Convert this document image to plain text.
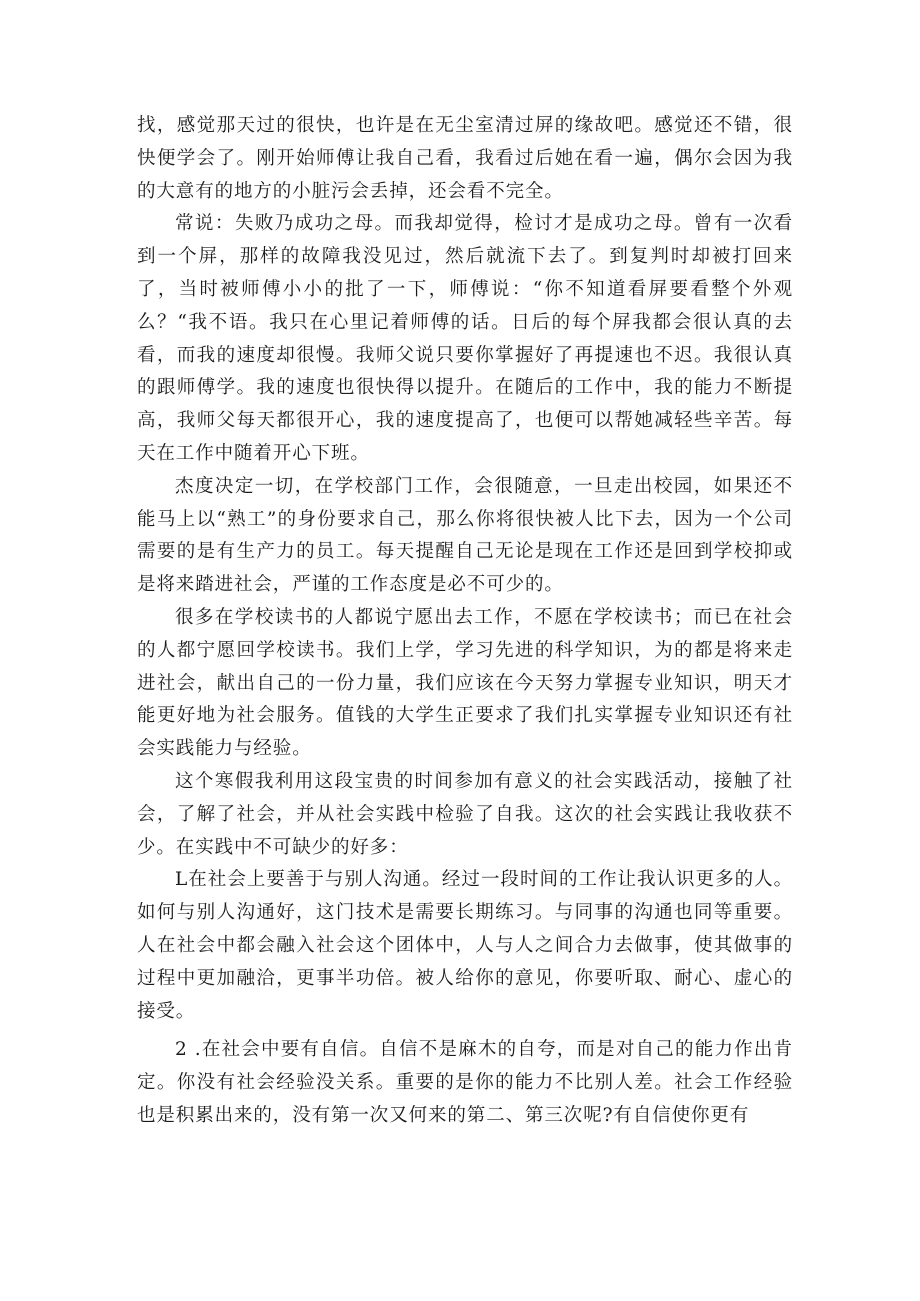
找，感觉那天过的很快，也许是在无尘室清过屏的缘故吧。感觉还不错，很快便学会了。刚开始师傅让我自己看，我看过后她在看一遍，偶尔会因为我的大意有的地方的小脏污会丢掉，还会看不完全。

常说：失败乃成功之母。而我却觉得，检讨才是成功之母。曾有一次看到一个屏，那样的故障我没见过，然后就流下去了。到复判时却被打回来了，当时被师傅小小的批了一下，师傅说：“你不知道看屏要看整个外观么？“我不语。我只在心里记着师傅的话。日后的每个屏我都会很认真的去看，而我的速度却很慢。我师父说只要你掌握好了再提速也不迟。我很认真的跟师傅学。我的速度也很快得以提升。在随后的工作中，我的能力不断提高，我师父每天都很开心，我的速度提高了，也便可以帮她减轻些辛苦。每天在工作中随着开心下班。

杰度决定一切，在学校部门工作，会很随意，一旦走出校园，如果还不能马上以“熟工”的身份要求自己，那么你将很快被人比下去，因为一个公司需要的是有生产力的员工。每天提醒自己无论是现在工作还是回到学校抑或是将来踏进社会，严谨的工作态度是必不可少的。

很多在学校读书的人都说宁愿出去工作，不愿在学校读书；而已在社会的人都宁愿回学校读书。我们上学，学习先进的科学知识，为的都是将来走进社会，献出自己的一份力量，我们应该在今天努力掌握专业知识，明天才能更好地为社会服务。值钱的大学生正要求了我们扎实掌握专业知识还有社会实践能力与经验。

这个寒假我利用这段宝贵的时间参加有意义的社会实践活动，接触了社会，了解了社会，并从社会实践中检验了自我。这次的社会实践让我收获不少。在实践中不可缺少的好多：

L在社会上要善于与别人沟通。经过一段时间的工作让我认识更多的人。如何与别人沟通好，这门技术是需要长期练习。与同事的沟通也同等重要。人在社会中都会融入社会这个团体中，人与人之间合力去做事，使其做事的过程中更加融洽，更事半功倍。被人给你的意见，你要听取、耐心、虚心的接受。

2 .在社会中要有自信。自信不是麻木的自夸，而是对自己的能力作出肯定。你没有社会经验没关系。重要的是你的能力不比别人差。社会工作经验也是积累出来的，没有第一次又何来的第二、第三次呢?有自信使你更有
